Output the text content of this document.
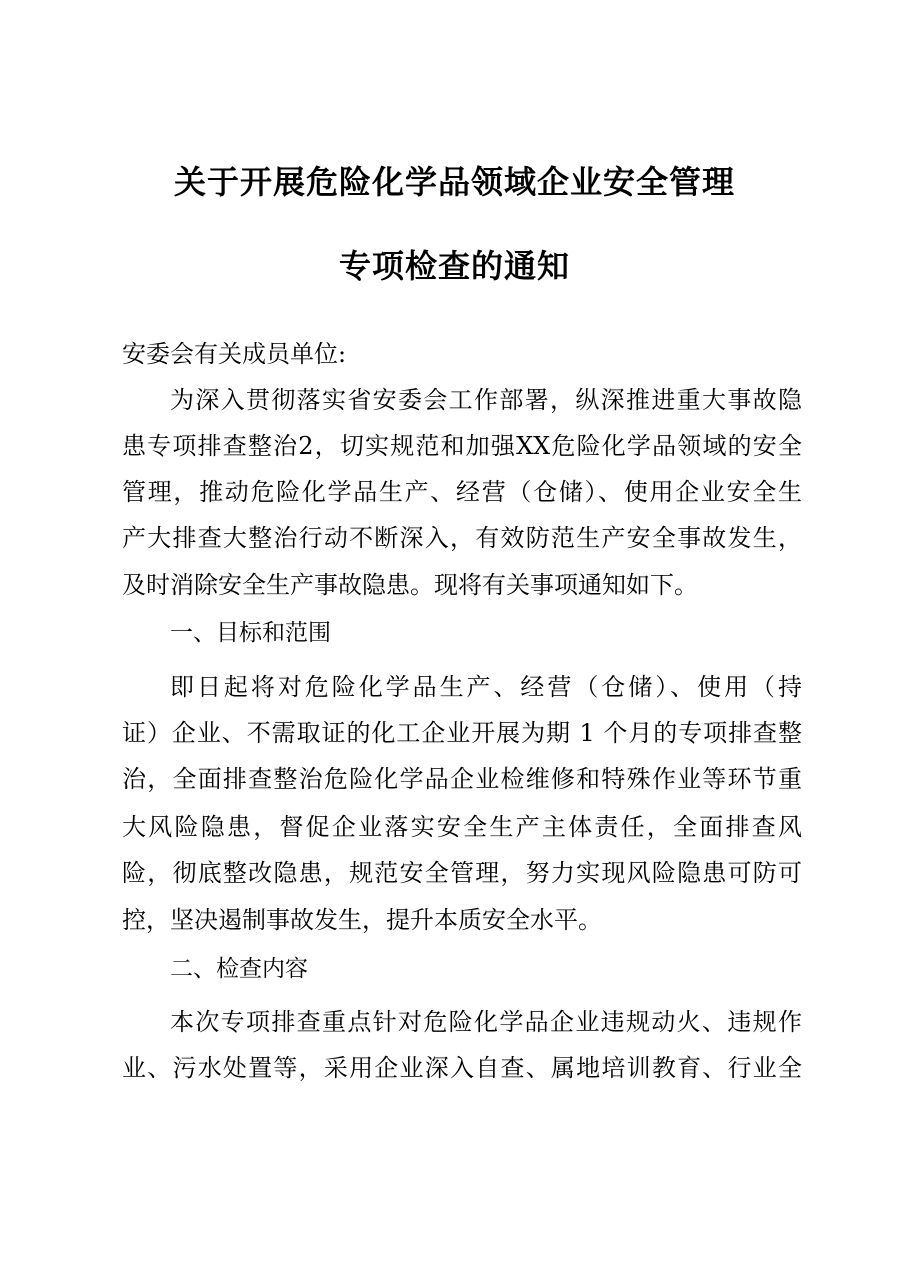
关于开展危险化学品领域企业安全管理
专项检查的通知
安委会有关成员单位:
为深入贯彻落实省安委会工作部署，纵深推进重大事故隐
患专项排查整治2，切实规范和加强XX危险化学品领域的安全
管理，推动危险化学品生产、经营（仓储）、使用企业安全生
产大排查大整治行动不断深入，有效防范生产安全事故发生，
及时消除安全生产事故隐患。现将有关事项通知如下。
一、目标和范围
即日起将对危险化学品生产、经营（仓储）、使用（持
证）企业、不需取证的化工企业开展为期 1 个月的专项排查整
治，全面排查整治危险化学品企业检维修和特殊作业等环节重
大风险隐患，督促企业落实安全生产主体责任，全面排查风
险，彻底整改隐患，规范安全管理，努力实现风险隐患可防可
控，坚决遏制事故发生，提升本质安全水平。
二、检查内容
本次专项排查重点针对危险化学品企业违规动火、违规作
业、污水处置等，采用企业深入自查、属地培训教育、行业全
